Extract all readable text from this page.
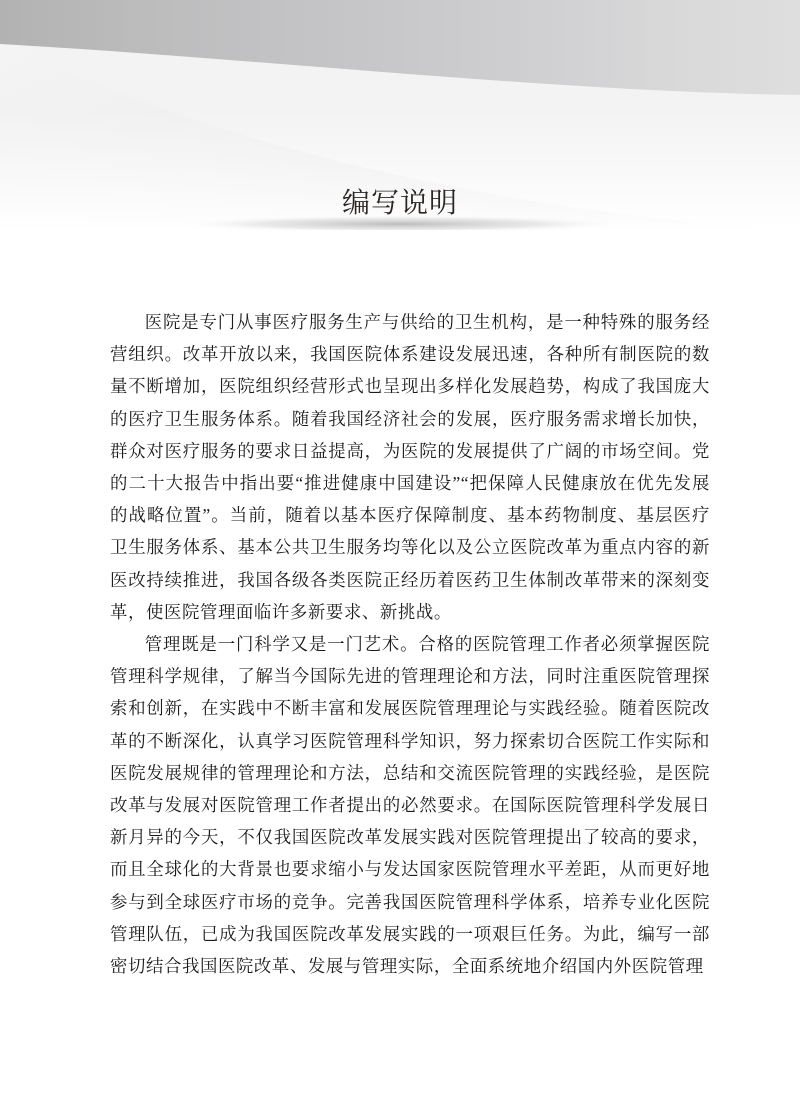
编写说明

医院是专门从事医疗服务生产与供给的卫生机构，是一种特殊的服务经营组织。改革开放以来，我国医院体系建设发展迅速，各种所有制医院的数量不断增加，医院组织经营形式也呈现出多样化发展趋势，构成了我国庞大的医疗卫生服务体系。随着我国经济社会的发展，医疗服务需求增长加快，群众对医疗服务的要求日益提高，为医院的发展提供了广阔的市场空间。党的二十大报告中指出要“推进健康中国建设”“把保障人民健康放在优先发展的战略位置”。当前，随着以基本医疗保障制度、基本药物制度、基层医疗卫生服务体系、基本公共卫生服务均等化以及公立医院改革为重点内容的新医改持续推进，我国各级各类医院正经历着医药卫生体制改革带来的深刻变革，使医院管理面临许多新要求、新挑战。

管理既是一门科学又是一门艺术。合格的医院管理工作者必须掌握医院管理科学规律，了解当今国际先进的管理理论和方法，同时注重医院管理探索和创新，在实践中不断丰富和发展医院管理理论与实践经验。随着医院改革的不断深化，认真学习医院管理科学知识，努力探索切合医院工作实际和医院发展规律的管理理论和方法，总结和交流医院管理的实践经验，是医院改革与发展对医院管理工作者提出的必然要求。在国际医院管理科学发展日新月异的今天，不仅我国医院改革发展实践对医院管理提出了较高的要求，而且全球化的大背景也要求缩小与发达国家医院管理水平差距，从而更好地参与到全球医疗市场的竞争。完善我国医院管理科学体系，培养专业化医院管理队伍，已成为我国医院改革发展实践的一项艰巨任务。为此，编写一部密切结合我国医院改革、发展与管理实际，全面系统地介绍国内外医院管理
